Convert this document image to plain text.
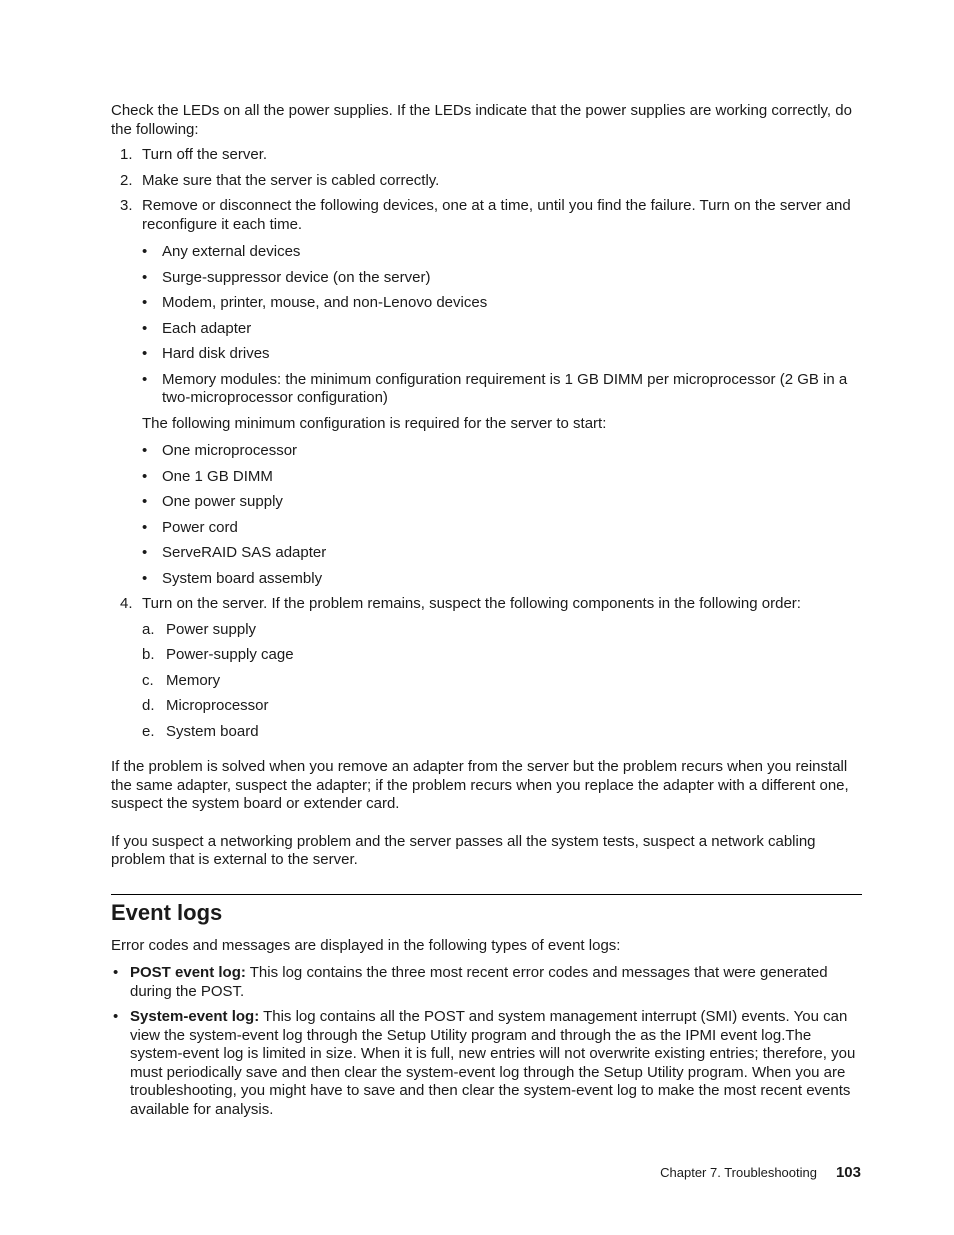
Check the LEDs on all the power supplies. If the LEDs indicate that the power supplies are working correctly, do the following:

1. Turn off the server.
2. Make sure that the server is cabled correctly.
3. Remove or disconnect the following devices, one at a time, until you find the failure. Turn on the server and reconfigure it each time.
• Any external devices
• Surge-suppressor device (on the server)
• Modem, printer, mouse, and non-Lenovo devices
• Each adapter
• Hard disk drives
• Memory modules: the minimum configuration requirement is 1 GB DIMM per microprocessor (2 GB in a two-microprocessor configuration)

The following minimum configuration is required for the server to start:

• One microprocessor
• One 1 GB DIMM
• One power supply
• Power cord
• ServeRAID SAS adapter
• System board assembly
4. Turn on the server. If the problem remains, suspect the following components in the following order:
a. Power supply
b. Power-supply cage
c. Memory
d. Microprocessor
e. System board

If the problem is solved when you remove an adapter from the server but the problem recurs when you reinstall the same adapter, suspect the adapter; if the problem recurs when you replace the adapter with a different one, suspect the system board or extender card.

If you suspect a networking problem and the server passes all the system tests, suspect a network cabling problem that is external to the server.

Event logs

Error codes and messages are displayed in the following types of event logs:

• POST event log: This log contains the three most recent error codes and messages that were generated during the POST.
• System-event log: This log contains all the POST and system management interrupt (SMI) events. You can view the system-event log through the Setup Utility program and through the as the IPMI event log.The system-event log is limited in size. When it is full, new entries will not overwrite existing entries; therefore, you must periodically save and then clear the system-event log through the Setup Utility program. When you are troubleshooting, you might have to save and then clear the system-event log to make the most recent events available for analysis.
Chapter 7. Troubleshooting 103
